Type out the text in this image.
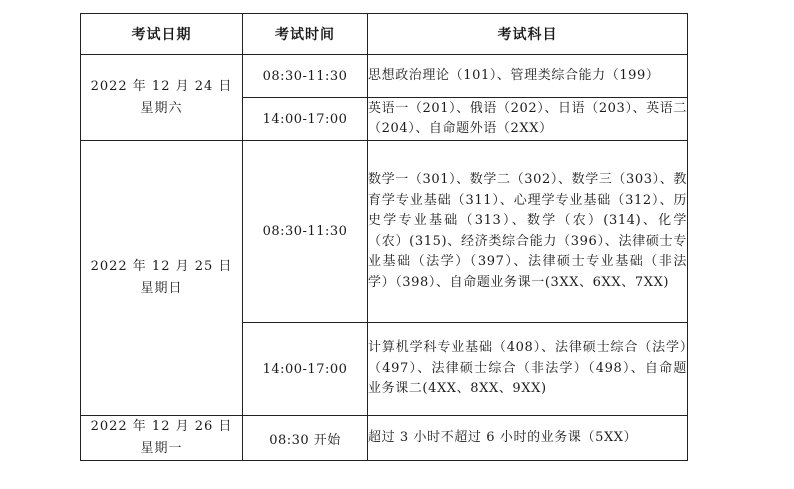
考试日期	考试时间	考试科目

2022 年 12 月 24 日
星期六	08:30-11:30	思想政治理论（101）、管理类综合能力（199）
	14:00-17:00	英语一（201）、俄语（202）、日语（203）、英语二（204）、自命题外语（2XX）

2022 年 12 月 25 日
星期日	08:30-11:30	数学一（301）、数学二（302）、数学三（303）、教育学专业基础（311）、心理学专业基础（312）、历史学专业基础（313）、数学（农）(314)、化学（农）(315)、经济类综合能力（396）、法律硕士专业基础（法学）（397）、法律硕士专业基础（非法学）（398）、自命题业务课一(3XX、6XX、7XX)
	14:00-17:00	计算机学科专业基础（408）、法律硕士综合（法学）（497）、法律硕士综合（非法学）（498）、自命题业务课二(4XX、8XX、9XX)

2022 年 12 月 26 日
星期一	08:30 开始	超过 3 小时不超过 6 小时的业务课（5XX）
